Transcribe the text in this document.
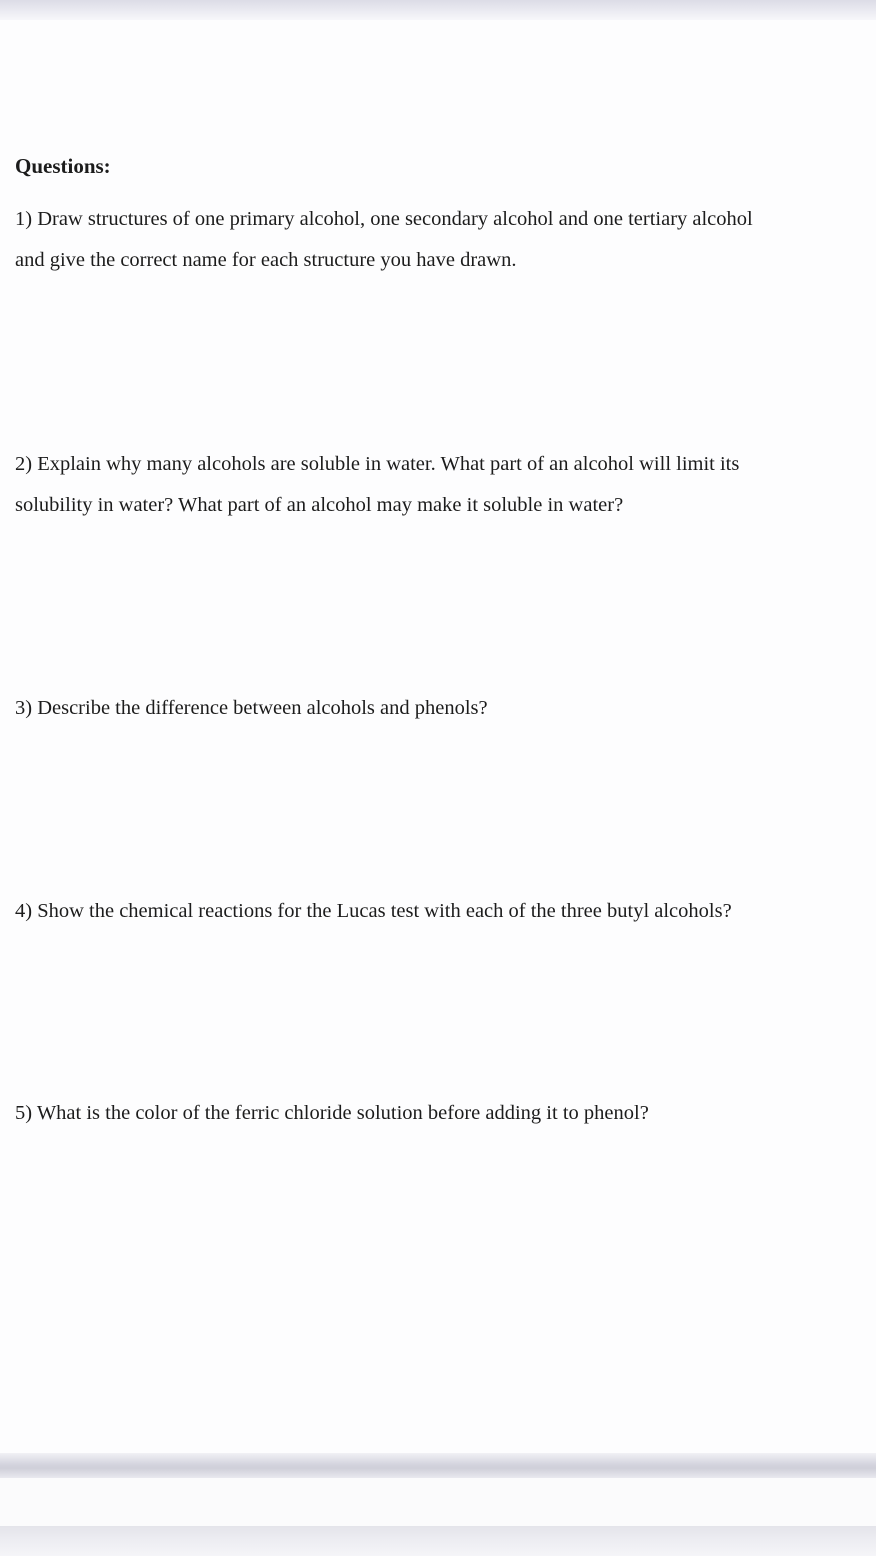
Questions:

1) Draw structures of one primary alcohol, one secondary alcohol and one tertiary alcohol
and give the correct name for each structure you have drawn.

2) Explain why many alcohols are soluble in water. What part of an alcohol will limit its
solubility in water? What part of an alcohol may make it soluble in water?

3) Describe the difference between alcohols and phenols?

4) Show the chemical reactions for the Lucas test with each of the three butyl alcohols?

5) What is the color of the ferric chloride solution before adding it to phenol?
